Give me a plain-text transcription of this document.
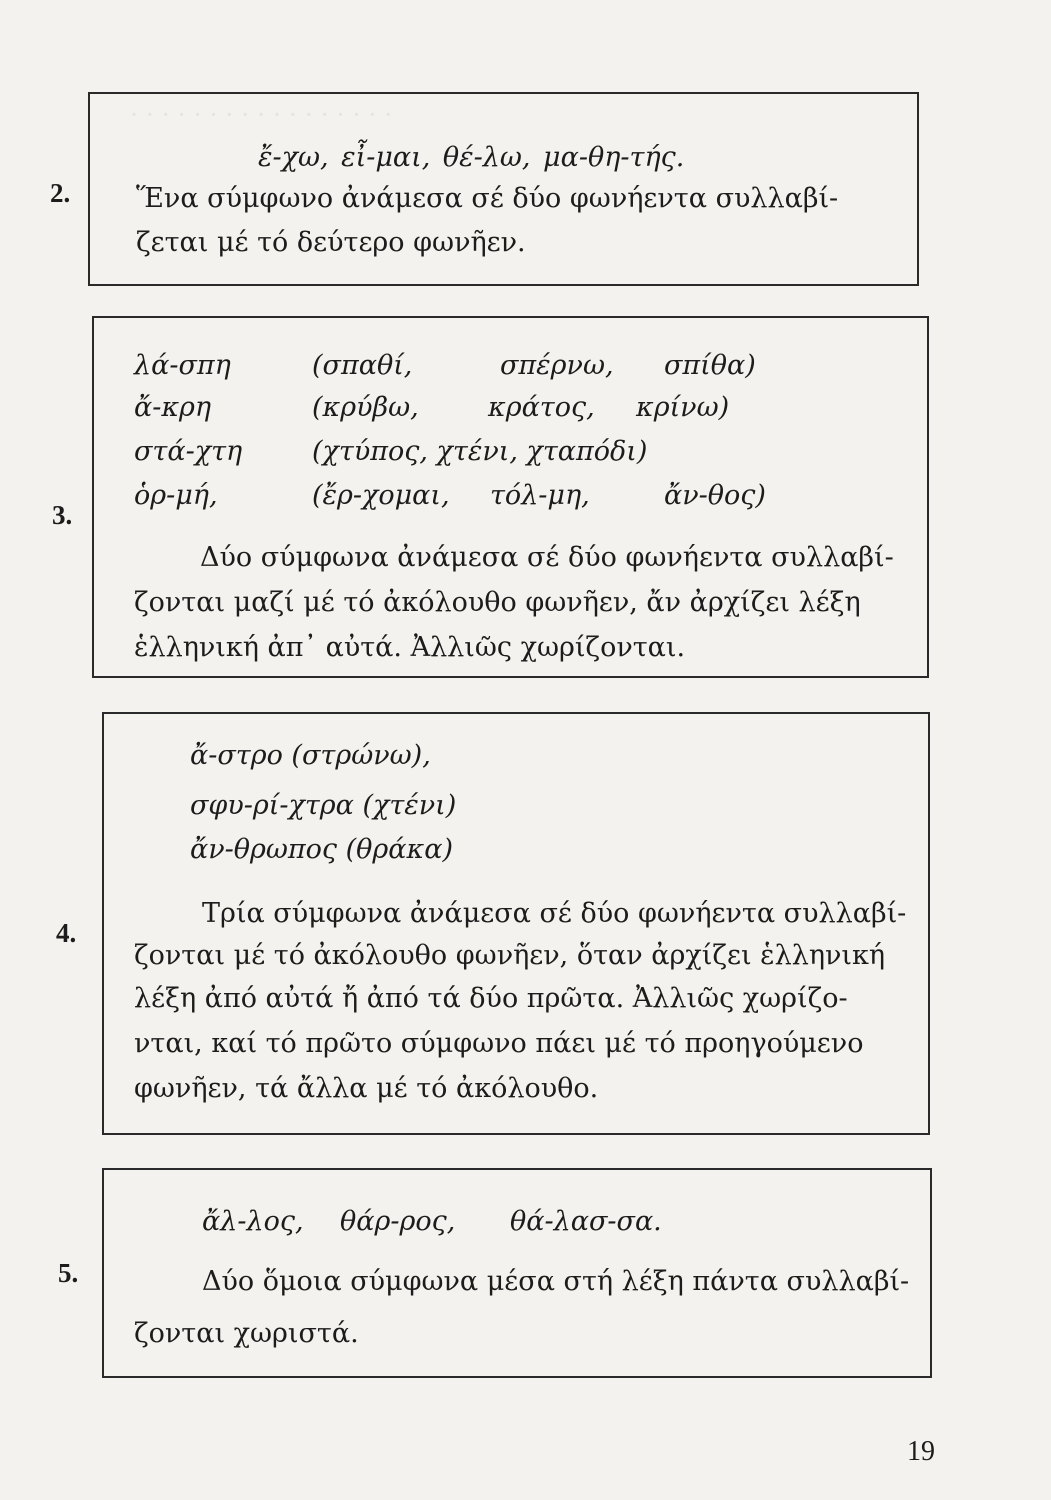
· · · · · · · · · · · · · · · · ·
2.
ἔ-χω, εἶ-μαι, θέ-λω, μα-θη-τής.
Ἕνα σύμφωνο ἀνάμεσα σέ δύο φωνήεντα συλλαβί-
ζεται μέ τό δεύτερο φωνῆεν.
3.
λά-σπη	(σπαθί,	σπέρνω, σπίθα)
ἄ-κρη	(κρύβω,	κράτος, κρίνω)
στά-χτη	(χτύπος, χτένι, χταπόδι)
ὁρ-μή,	(ἔρ-χομαι, τόλ-μη,	ἄν-θος)
Δύο σύμφωνα ἀνάμεσα σέ δύο φωνήεντα συλλαβί-
ζονται μαζί μέ τό ἀκόλουθο φωνῆεν, ἄν ἀρχίζει λέξη
ἑλληνική ἀπ᾽ αὐτά. Ἀλλιῶς χωρίζονται.
4.
ἄ-στρο (στρώνω),
σφυ-ρί-χτρα (χτένι)
ἄν-θρωπος (θράκα)
Τρία σύμφωνα ἀνάμεσα σέ δύο φωνήεντα συλλαβί-
ζονται μέ τό ἀκόλουθο φωνῆεν, ὅταν ἀρχίζει ἑλληνική
λέξη ἀπό αὐτά ἤ ἀπό τά δύο πρῶτα. Ἀλλιῶς χωρίζο-
νται, καί τό πρῶτο σύμφωνο πάει μέ τό προηγούμενο
φωνῆεν, τά ἄλλα μέ τό ἀκόλουθο.
5.
ἄλ-λος, θάρ-ρος, θά-λασ-σα.
Δύο ὅμοια σύμφωνα μέσα στή λέξη πάντα συλλαβί-
ζονται χωριστά.
19
